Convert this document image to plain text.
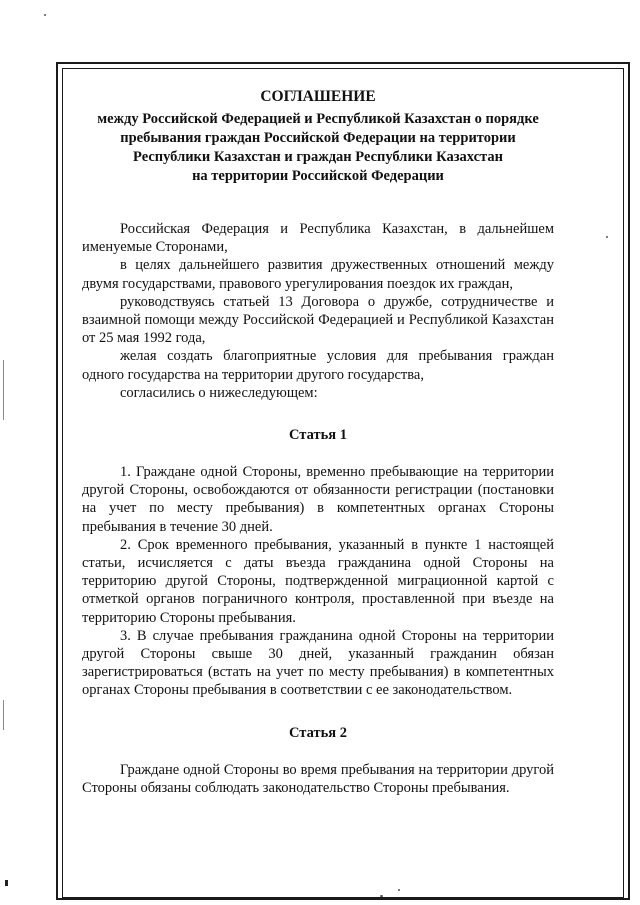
СОГЛАШЕНИЕ
между Российской Федерацией и Республикой Казахстан о порядке
пребывания граждан Российской Федерации на территории
Республики Казахстан и граждан Республики Казахстан
на территории Российской Федерации

Российская Федерация и Республика Казахстан, в дальнейшем именуемые Сторонами,

в целях дальнейшего развития дружественных отношений между двумя государствами, правового урегулирования поездок их граждан,

руководствуясь статьей 13 Договора о дружбе, сотрудничестве и взаимной помощи между Российской Федерацией и Республикой Казахстан от 25 мая 1992 года,

желая создать благоприятные условия для пребывания граждан одного государства на территории другого государства,

согласились о нижеследующем:

Статья 1

1. Граждане одной Стороны, временно пребывающие на территории другой Стороны, освобождаются от обязанности регистрации (постановки на учет по месту пребывания) в компетентных органах Стороны пребывания в течение 30 дней.

2. Срок временного пребывания, указанный в пункте 1 настоящей статьи, исчисляется с даты въезда гражданина одной Стороны на территорию другой Стороны, подтвержденной миграционной картой с отметкой органов пограничного контроля, проставленной при въезде на территорию Стороны пребывания.

3. В случае пребывания гражданина одной Стороны на территории другой Стороны свыше 30 дней, указанный гражданин обязан зарегистрироваться (встать на учет по месту пребывания) в компетентных органах Стороны пребывания в соответствии с ее законодательством.

Статья 2

Граждане одной Стороны во время пребывания на территории другой Стороны обязаны соблюдать законодательство Стороны пребывания.
